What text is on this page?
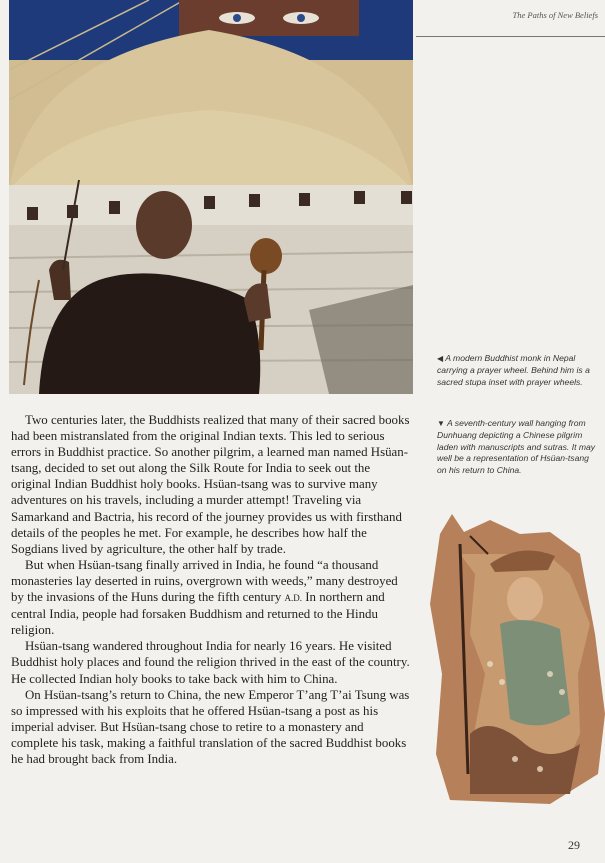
The Paths of New Beliefs
◀ A modern Buddhist monk in Nepal carrying a prayer wheel. Behind him is a sacred stupa inset with prayer wheels.
▼ A seventh-century wall hanging from Dunhuang depicting a Chinese pilgrim laden with manuscripts and sutras. It may well be a representation of Hsüan-tsang on his return to China.

Two centuries later, the Buddhists realized that many of their sacred books had been mistranslated from the original Indian texts. This led to serious errors in Buddhist practice. So another pilgrim, a learned man named Hsüan-tsang, decided to set out along the Silk Route for India to seek out the original Indian Buddhist holy books. Hsüan-tsang was to survive many adventures on his travels, including a murder attempt! Traveling via Samarkand and Bactria, his record of the journey provides us with firsthand details of the peoples he met. For example, he describes how half the Sogdians lived by agriculture, the other half by trade.

But when Hsüan-tsang finally arrived in India, he found “a thousand monasteries lay deserted in ruins, overgrown with weeds,” many destroyed by the invasions of the Huns during the fifth century A.D. In northern and central India, people had forsaken Buddhism and returned to the Hindu religion.

Hsüan-tsang wandered throughout India for nearly 16 years. He visited Buddhist holy places and found the religion thrived in the east of the country. He collected Indian holy books to take back with him to China.

On Hsüan-tsang’s return to China, the new Emperor T’ang T’ai Tsung was so impressed with his exploits that he offered Hsüan-tsang a post as his imperial adviser. But Hsüan-tsang chose to retire to a monastery and complete his task, making a faithful translation of the sacred Buddhist books he had brought back from India.

29
